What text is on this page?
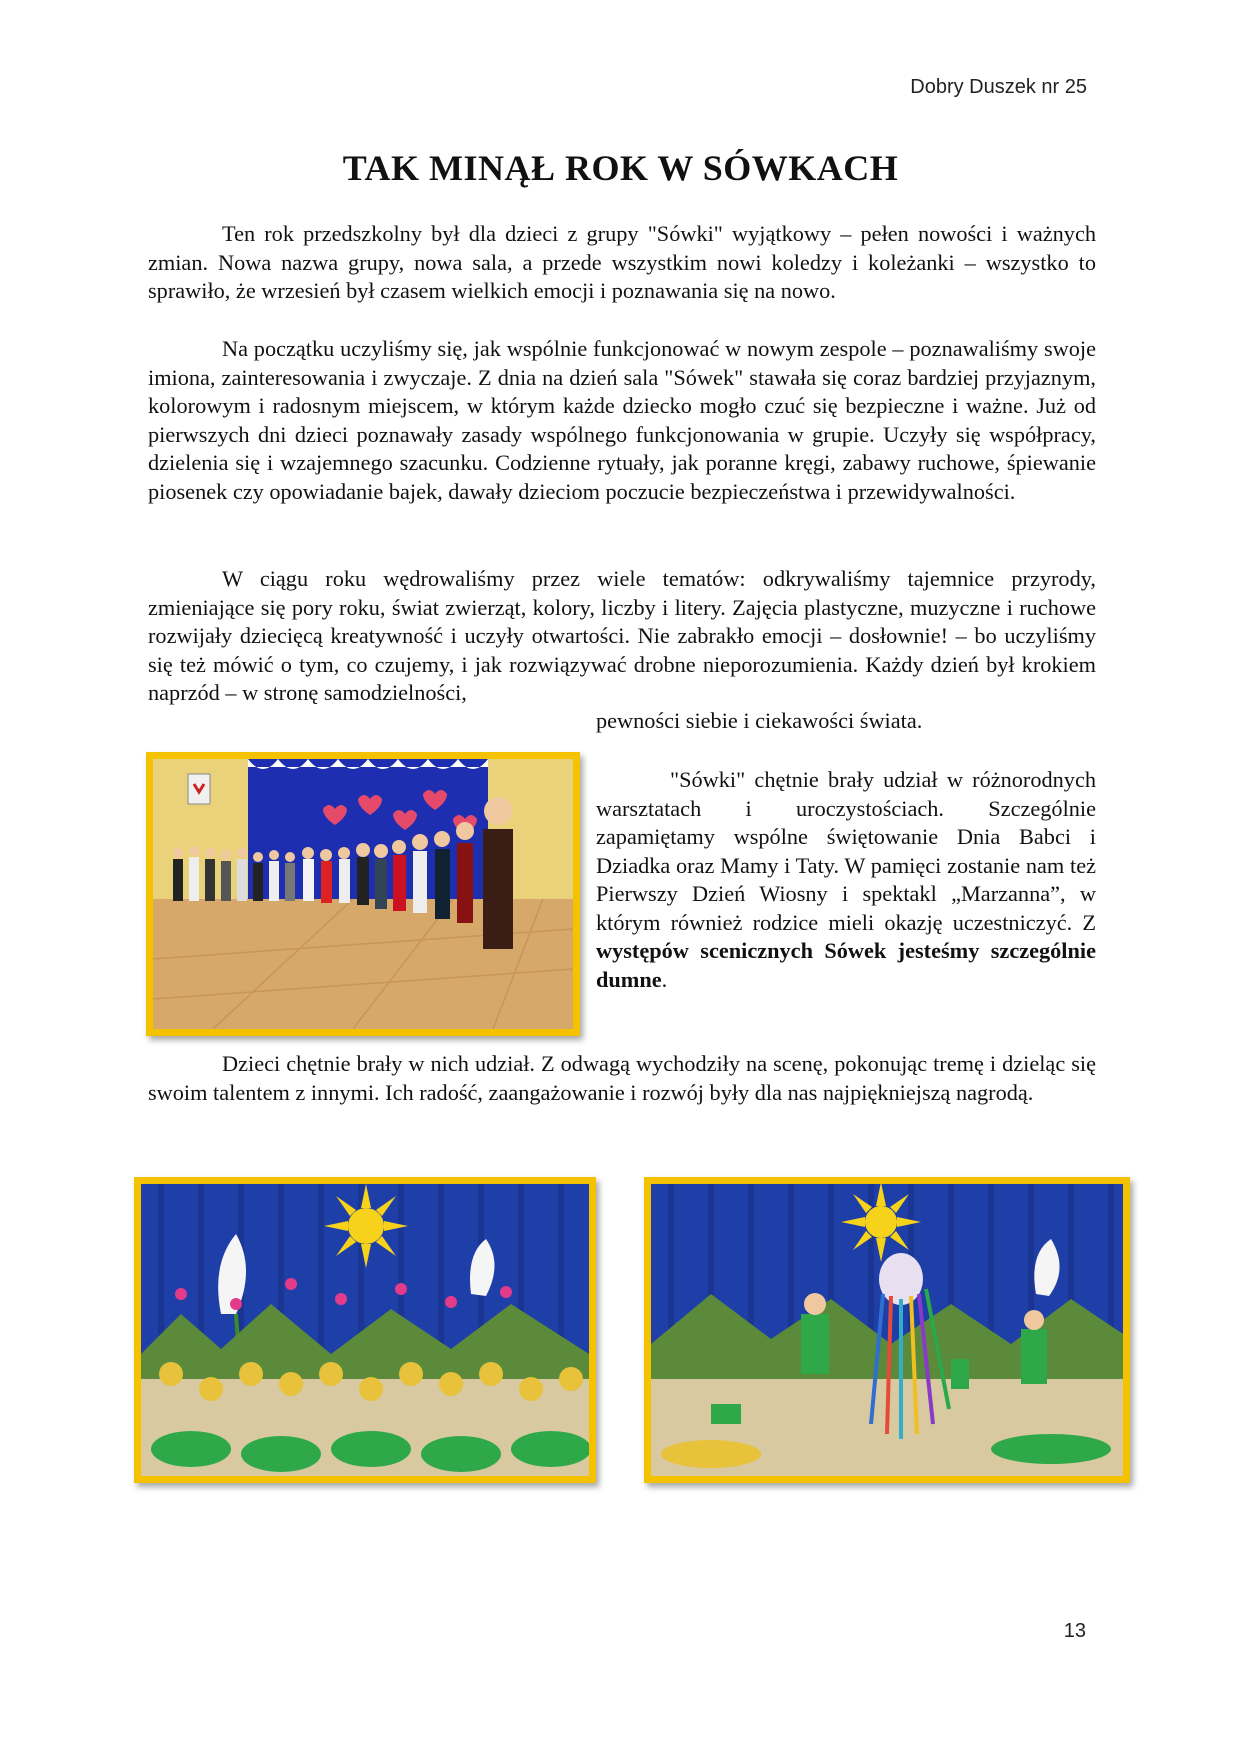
Dobry Duszek nr 25
TAK MINĄŁ ROK W SÓWKACH

Ten rok przedszkolny był dla dzieci z grupy "Sówki" wyjątkowy – pełen nowości i ważnych zmian. Nowa nazwa grupy, nowa sala, a przede wszystkim nowi koledzy i koleżanki – wszystko to sprawiło, że wrzesień był czasem wielkich emocji i poznawania się na nowo.

Na początku uczyliśmy się, jak wspólnie funkcjonować w nowym zespole – poznawaliśmy swoje imiona, zainteresowania i zwyczaje. Z dnia na dzień sala "Sówek" stawała się coraz bardziej przyjaznym, kolorowym i radosnym miejscem, w którym każde dziecko mogło czuć się bezpieczne i ważne. Już od pierwszych dni dzieci poznawały zasady wspólnego funkcjonowania w grupie. Uczyły się współpracy, dzielenia się i wzajemnego szacunku. Codzienne rytuały, jak poranne kręgi, zabawy ruchowe, śpiewanie piosenek czy opowiadanie bajek, dawały dzieciom poczucie bezpieczeństwa i przewidywalności.

W ciągu roku wędrowaliśmy przez wiele tematów: odkrywaliśmy tajemnice przyrody, zmieniające się pory roku, świat zwierząt, kolory, liczby i litery. Zajęcia plastyczne, muzyczne i ruchowe rozwijały dziecięcą kreatywność i uczyły otwartości. Nie zabrakło emocji – dosłownie! – bo uczyliśmy się też mówić o tym, co czujemy, i jak rozwiązywać drobne nieporozumienia. Każdy dzień był krokiem naprzód – w stronę samodzielności,

pewności siebie i ciekawości świata.

"Sówki" chętnie brały udział w różnorodnych warsztatach i uroczystościach. Szczególnie zapamiętamy wspólne świętowanie Dnia Babci i Dziadka oraz Mamy i Taty. W pamięci zostanie nam też Pierwszy Dzień Wiosny i spektakl „Marzanna”, w którym również rodzice mieli okazję uczestniczyć. Z występów scenicznych Sówek jesteśmy szczególnie dumne.

Dzieci chętnie brały w nich udział. Z odwagą wychodziły na scenę, pokonując tremę i dzieląc się swoim talentem z innymi. Ich radość, zaangażowanie i rozwój były dla nas najpiękniejszą nagrodą.

13
